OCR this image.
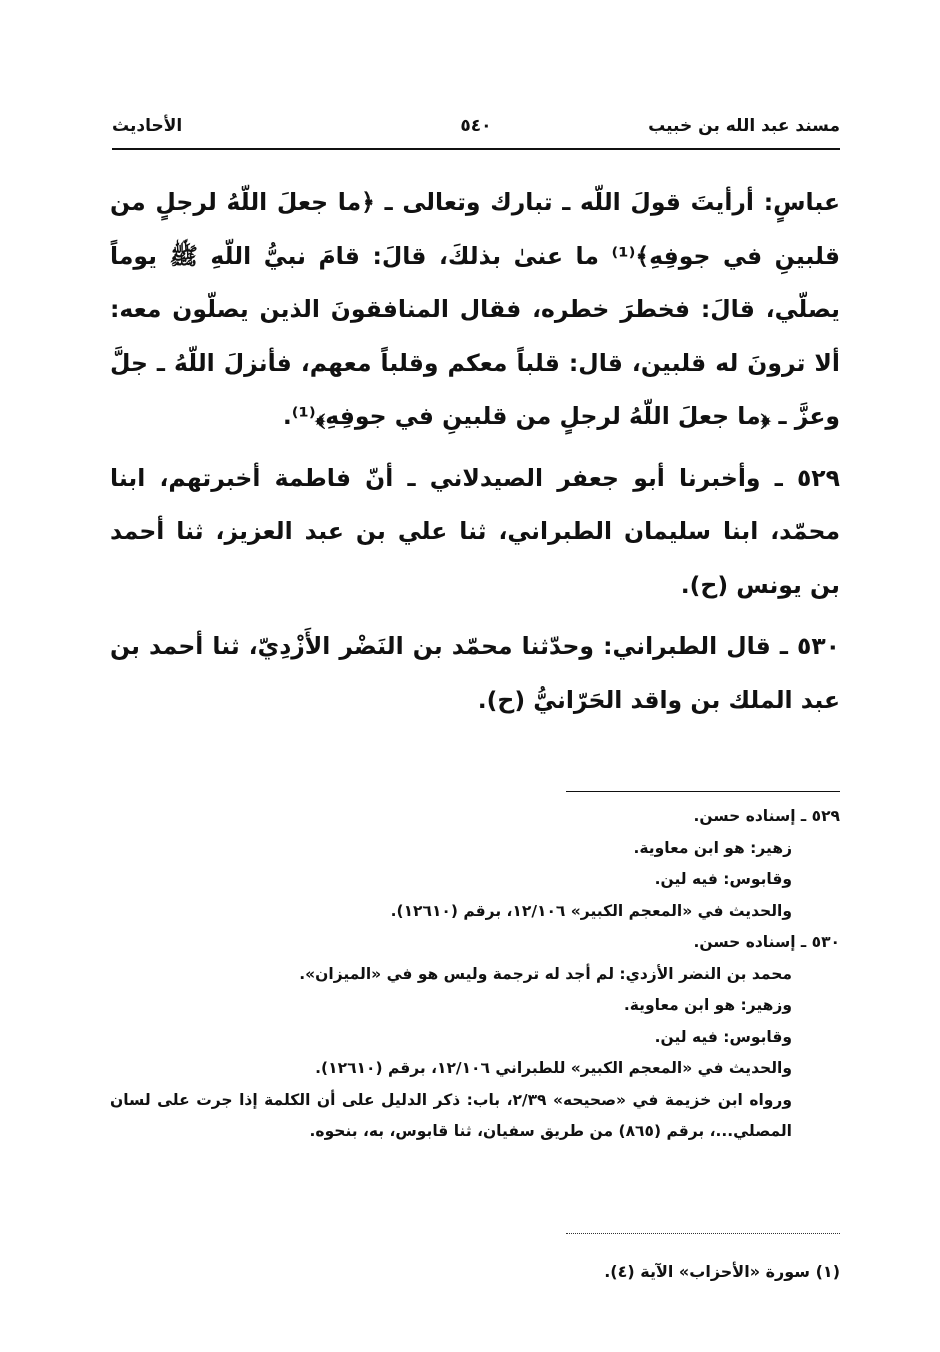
مسند عبد الله بن خبيب
٥٤٠
الأحاديث

عباسٍ: أرأيتَ قولَ اللّه ـ تبارك وتعالى ـ ﴿ما جعلَ اللّهُ لرجلٍ من قلبينِ في جوفِهِ﴾⁽¹⁾ ما عنىٰ بذلكَ، قالَ: قامَ نبيُّ اللّهِ ﷺ يوماً يصلّي، قالَ: فخطرَ خطره، فقال المنافقونَ الذين يصلّون معه: ألا ترونَ له قلبين، قال: قلباً معكم وقلباً معهم، فأنزلَ اللّهُ ـ جلَّ وعزَّ ـ ﴿ما جعلَ اللّهُ لرجلٍ من قلبينِ في جوفِهِ﴾⁽¹⁾.

٥٢٩ ـ وأخبرنا أبو جعفر الصيدلاني ـ أنّ فاطمة أخبرتهم، ابنا محمّد، ابنا سليمان الطبراني، ثنا علي بن عبد العزيز، ثنا أحمد بن يونس (ح).

٥٣٠ ـ قال الطبراني: وحدّثنا محمّد بن النَضْر الأَزْدِيّ، ثنا أحمد بن عبد الملك بن واقد الحَرّانيُّ (ح).

٥٢٩ ـ إسناده حسن.
زهير: هو ابن معاوية.
وقابوس: فيه لين.
والحديث في «المعجم الكبير» ١٢/١٠٦، برقم (١٢٦١٠).
٥٣٠ ـ إسناده حسن.
محمد بن النضر الأزدي: لم أجد له ترجمة وليس هو في «الميزان».
وزهير: هو ابن معاوية.
وقابوس: فيه لين.
والحديث في «المعجم الكبير» للطبراني ١٢/١٠٦، برقم (١٢٦١٠).
ورواه ابن خزيمة في «صحيحه» ٢/٣٩، باب: ذكر الدليل على أن الكلمة إذا جرت على لسان المصلي...، برقم (٨٦٥) من طريق سفيان، ثنا قابوس، به، بنحوه.
(١) سورة «الأحزاب» الآية (٤).
